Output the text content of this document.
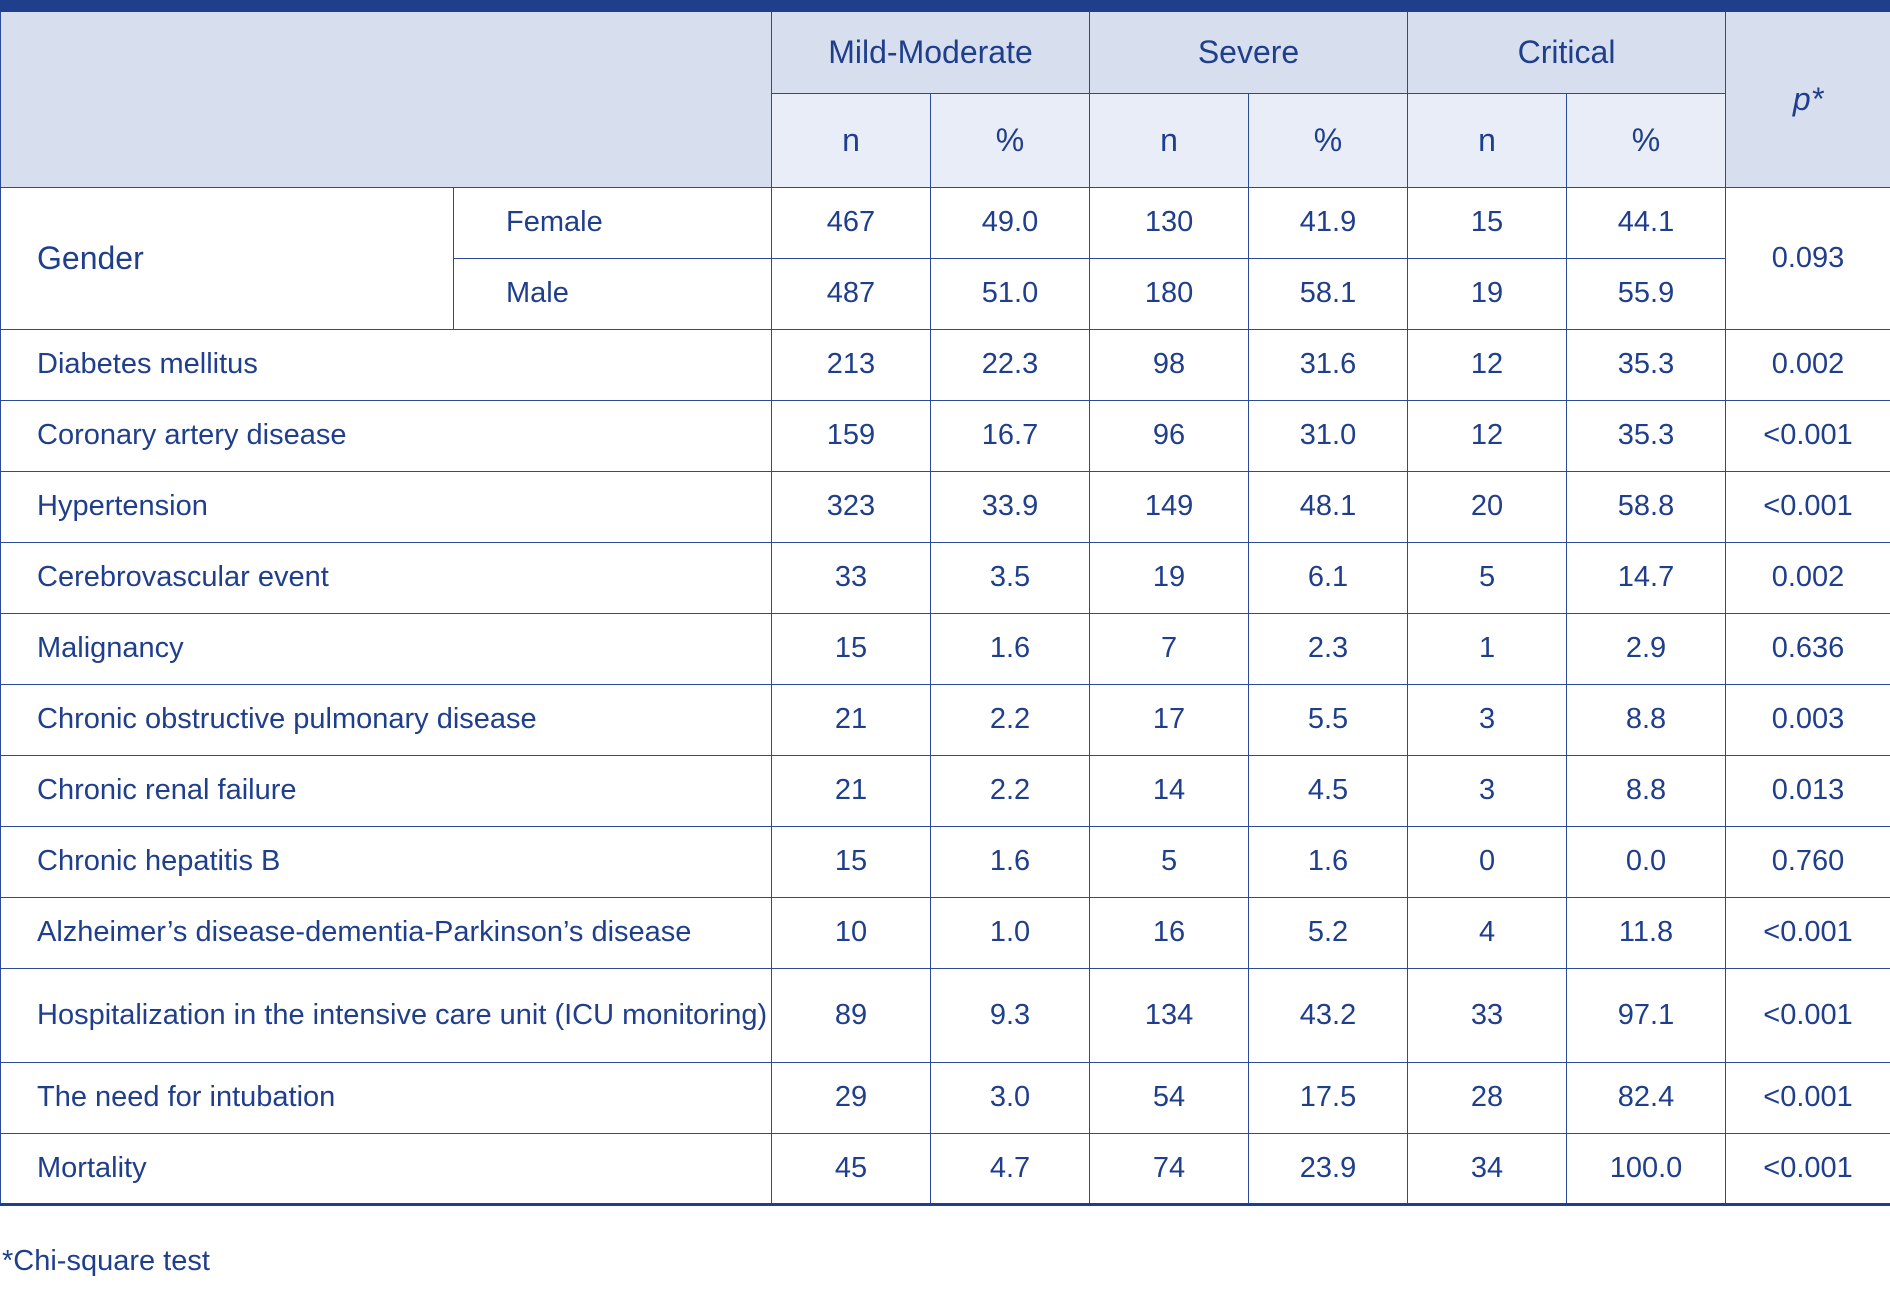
		Mild-Moderate		Severe		Critical		p*
		n	%	n	%	n	%	
Gender	Female	467	49.0	130	41.9	15	44.1	0.093
	Male	487	51.0	180	58.1	19	55.9	
Diabetes mellitus		213	22.3	98	31.6	12	35.3	0.002
Coronary artery disease		159	16.7	96	31.0	12	35.3	<0.001
Hypertension		323	33.9	149	48.1	20	58.8	<0.001
Cerebrovascular event		33	3.5	19	6.1	5	14.7	0.002
Malignancy		15	1.6	7	2.3	1	2.9	0.636
Chronic obstructive pulmonary disease		21	2.2	17	5.5	3	8.8	0.003
Chronic renal failure		21	2.2	14	4.5	3	8.8	0.013
Chronic hepatitis B		15	1.6	5	1.6	0	0.0	0.760
Alzheimer’s disease-dementia-Parkinson’s disease		10	1.0	16	5.2	4	11.8	<0.001
Hospitalization in the intensive care unit (ICU monitoring)		89	9.3	134	43.2	33	97.1	<0.001
The need for intubation		29	3.0	54	17.5	28	82.4	<0.001
Mortality		45	4.7	74	23.9	34	100.0	<0.001
*Chi-square test
